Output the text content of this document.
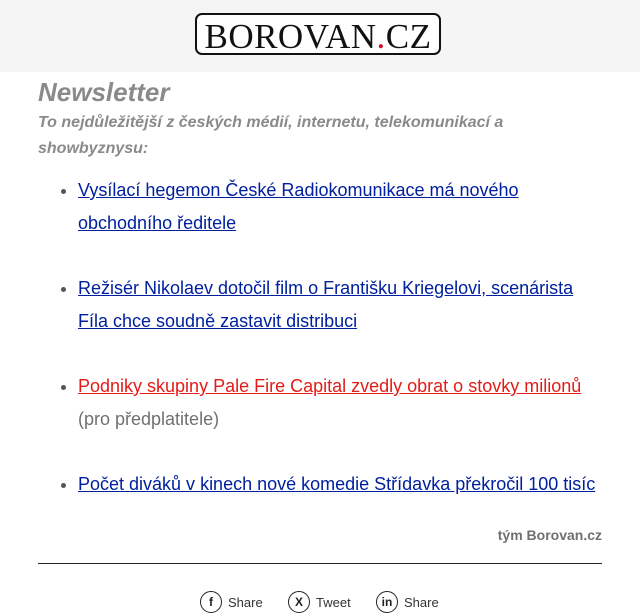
BOROVAN.CZ
Newsletter

To nejdůležitější z českých médií, internetu, telekomunikací a showbyznysu:

• Vysílací hegemon České Radiokomunikace má nového obchodního ředitele
• Režisér Nikolaev dotočil film o Františku Kriegelovi, scenárista Fíla chce soudně zastavit distribuci
• Podniky skupiny Pale Fire Capital zvedly obrat o stovky milionů
(pro předplatitele)
• Počet diváků v kinech nové komedie Střídavka překročil 100 tisíc

tým Borovan.cz

f	Share	X	Tweet	in Share
